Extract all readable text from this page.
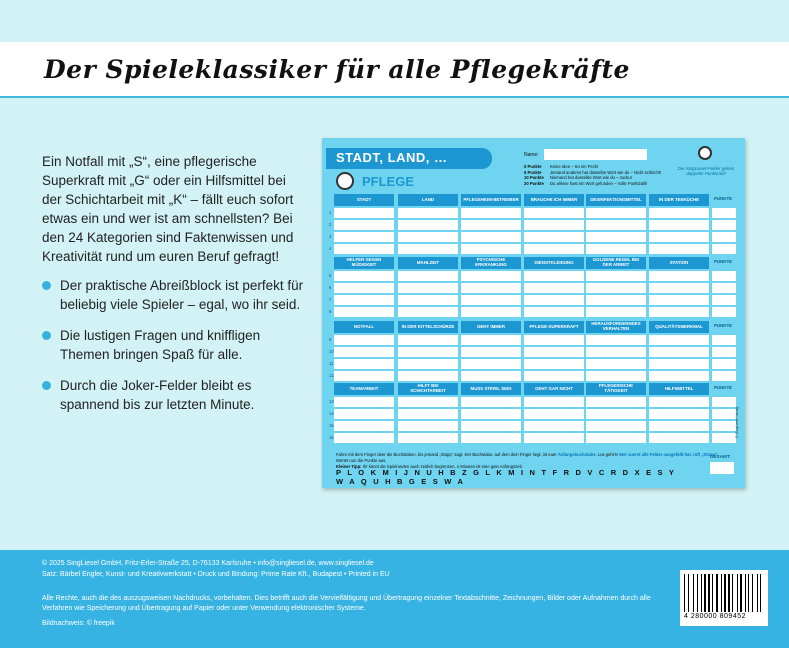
Der Spieleklassiker für alle Pflegekräfte

Ein Notfall mit „S“, eine pflegerische Superkraft mit „G“ oder ein Hilfsmittel bei der Schichtarbeit mit „K“ – fällt euch sofort etwas ein und wer ist am schnellsten? Bei den 24 Kategorien sind Faktenwissen und Kreativität rund um euren Beruf gefragt!

Der praktische Abreißblock ist perfekt für beliebig viele Spieler – egal, wo ihr seid.
Die lustigen Fragen und kniffligen Themen bringen Spaß für alle.
Durch die Joker-Felder bleibt es spannend bis zur letzten Minute.
STADT, LAND, …
PFLEGE
Name:
0 Punkte Keine Idee – So ein Pech!
5 Punkte Jemand anderes hat dasselbe Wort wie du – Nicht schlecht!
10 Punkte Niemand hat dasselbe Wort wie du – Juchu!
20 Punkte Du alleine hast ein Wort gefunden – Volle Punktzahl!
Die SingLiesel-Felder geben doppelte Punktzahl!
STADT	LAND	PFLEGEHEIM-BETREIBER	BRAUCHE ICH IMMER	DESINFEKTIONSMITTEL	IN DER TEEKÜCHE	PUNKTE
1
2
3
4
HELFER GEGEN MÜDIGKEIT	MAHLZEIT	PSYCHISCHE ERKRANKUNG	DIENSTKLEIDUNG	GOLDENE REGEL BEI DER ARBEIT	STATION	PUNKTE
5
6
7
8
NOTFALL	IN DER KITTELSCHÜRZE	GEHT IMMER	PFLEGE-SUPERKRAFT	HERAUSFORDERNDES VERHALTEN	QUALITÄTSMERKMAL	PUNKTE
9
10
11
12
TEAMARBEIT	HILFT BEI SCHICHTARBEIT	MUSS STERIL SEIN	GEHT GAR NICHT	PFLEGERISCHE TÄTIGKEIT	HILFSMITTEL	PUNKTE
13
14
15
16
Fahre mit dem Finger über die Buchstaben, bis jemand „Stopp“ sagt. Der Buchstabe, auf dem dein Finger liegt, ist euer Anfangsbuchstabe. Los geht's! Wer zuerst alle Felder ausgefüllt hat, ruft „Stopp“. Wertet nun die Punkte aus.
Kleiner Tipp: Ihr könnt die Spielrunden auch zeitlich begrenzen, 2 Minuten ist eine gute Anfangszeit.
P L O K M I J N U H B Z G L K M I N T F R D V C R D X E S Y W A Q U H B G E S W A
GESAMT:
© SingLiesel Verlag
© 2025 SingLiesel GmbH, Fritz-Erler-Straße 25, D-76133 Karlsruhe • info@singliesel.de, www.singliesel.de
Satz: Bärbel Engler, Kunst- und Kreativwerkstatt • Druck und Bindung: Prime Rate Kft., Budapest • Printed in EU
Alle Rechte, auch die des auszugsweisen Nachdrucks, vorbehalten. Dies betrifft auch die Vervielfältigung und Übertragung einzelner Textabschnitte, Zeichnungen, Bilder oder Aufnahmen durch alle Verfahren wie Speicherung und Übertragung auf Papier oder unter Verwendung elektronischer Systeme.
Bildnachweis: © freepik
4 280000 809452
